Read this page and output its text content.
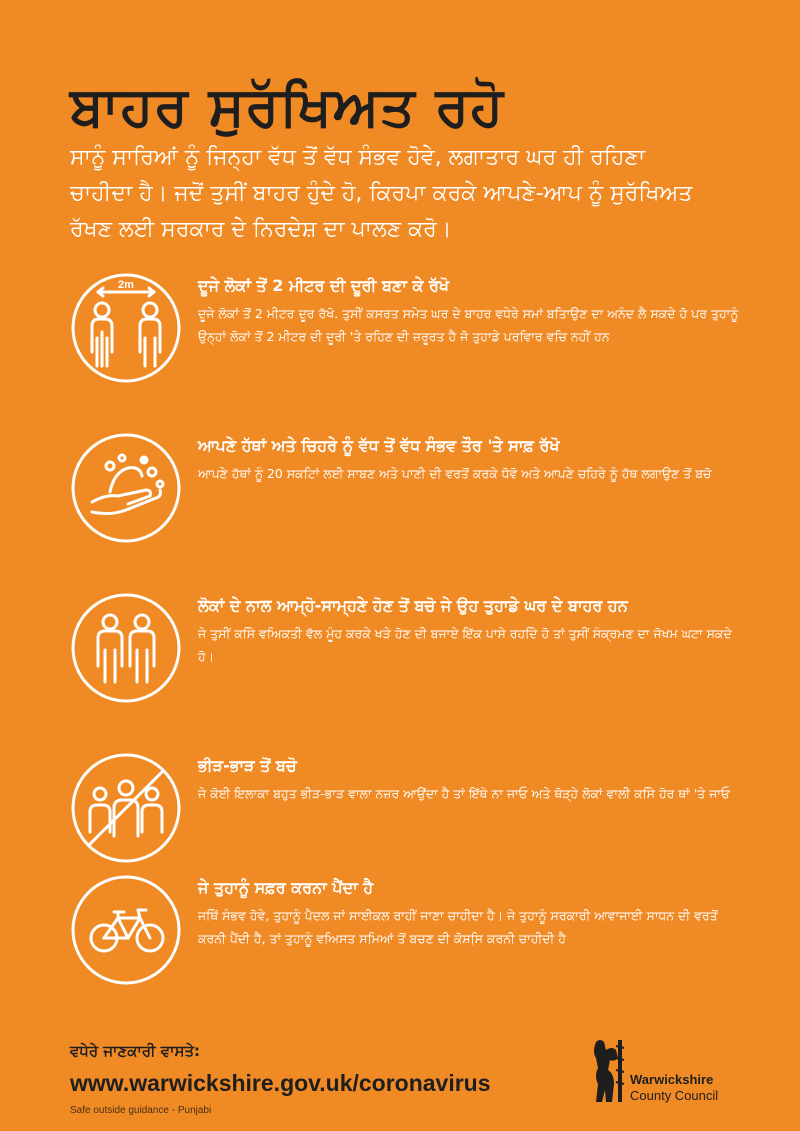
ਬਾਹਰ ਸੁਰੱਖਿਅਤ ਰਹੋ
ਸਾਨੂੰ ਸਾਰਿਆਂ ਨੂੰ ਜਿਨ੍ਹਾ ਵੱਧ ਤੋਂ ਵੱਧ ਸੰਭਵ ਹੋਵੇ, ਲਗਾਤਾਰ ਘਰ ਹੀ ਰਹਿਣਾ ਚਾਹੀਦਾ ਹੈ। ਜਦੋਂ ਤੁਸੀਂ ਬਾਹਰ ਹੁੰਦੇ ਹੋ, ਕਿਰਪਾ ਕਰਕੇ ਆਪਣੇ-ਆਪ ਨੂੰ ਸੁਰੱਖਿਅਤ ਰੱਖਣ ਲਈ ਸਰਕਾਰ ਦੇ ਨਿਰਦੇਸ਼ ਦਾ ਪਾਲਣ ਕਰੋ।
2m	ਦੂਜੇ ਲੋਕਾਂ ਤੋਂ 2 ਮੀਟਰ ਦੀ ਦੂਰੀ ਬਣਾ ਕੇ ਰੱਖੋ
ਦੂਜੇ ਲੋਕਾਂ ਤੋਂ 2 ਮੀਟਰ ਦੂਰ ਰੱਖੋ. ਤੁਸੀਂ ਕਸਰਤ ਸਮੇਤ ਘਰ ਦੇ ਬਾਹਰ ਵਧੇਰੇ ਸਮਾਂ ਬਤਿਾਉਣ ਦਾ ਅਨੰਦ ਲੈ ਸਕਦੇ ਹੋ ਪਰ ਤੁਹਾਨੂੰ ਉਨ੍ਹਾਂ ਲੋਕਾਂ ਤੋਂ 2 ਮੀਟਰ ਦੀ ਦੂਰੀ 'ਤੇ ਰਹਿਣ ਦੀ ਜ਼ਰੂਰਤ ਹੈ ਜੋ ਤੁਹਾਡੇ ਪਰਵਿਾਰ ਵਚਿ ਨਹੀਂ ਹਨ
ਆਪਣੇ ਹੱਥਾਂ ਅਤੇ ਚਿਹਰੇ ਨੂੰ ਵੱਧ ਤੋਂ ਵੱਧ ਸੰਭਵ ਤੌਰ 'ਤੇ ਸਾਫ਼ ਰੱਖੋ
ਆਪਣੇ ਹੱਥਾਂ ਨੂੰ 20 ਸਕਟਿਾਂ ਲਈ ਸਾਬਣ ਅਤੇ ਪਾਣੀ ਦੀ ਵਰਤੋਂ ਕਰਕੇ ਧੋਵੋ ਅਤੇ ਆਪਣੇ ਚਹਿਰੇ ਨੂੰ ਹੱਥ ਲਗਾਉਣ ਤੋਂ ਬਚੋ
ਲੋਕਾਂ ਦੇ ਨਾਲ ਆਮ੍ਹੋ-ਸਾਮ੍ਹਣੇ ਹੋਣ ਤੋਂ ਬਚੋ ਜੇ ਉਹ ਤੁਹਾਡੇ ਘਰ ਦੇ ਬਾਹਰ ਹਨ
ਜੇ ਤੁਸੀਂ ਕਸਿੇ ਵਅਿਕਤੀ ਵੱਲ ਮੂੰਹ ਕਰਕੇ ਖੜੇ ਹੋਣ ਦੀ ਬਜਾਏ ਇੱਕ ਪਾਸੇ ਰਹਦਿੇ ਹੋ ਤਾਂ ਤੁਸੀਂ ਸੰਕ੍ਰਮਣ ਦਾ ਜੋਖਮ ਘਟਾ ਸਕਦੇ ਹੋ।
ਭੀੜ-ਭਾੜ ਤੋਂ ਬਚੋ
ਜੇ ਕੋਈ ਇਲਾਕਾ ਬਹੁਤ ਭੀੜ-ਭਾੜ ਵਾਲਾ ਨਜ਼ਰ ਆਉਂਦਾ ਹੈ ਤਾਂ ਇੱਥੇ ਨਾ ਜਾਓ ਅਤੇ ਥੋੜ੍ਹੇ ਲੋਕਾਂ ਵਾਲੀ ਕਸਿੇ ਹੋਰ ਥਾਂ 'ਤੇ ਜਾਓ
ਜੇ ਤੁਹਾਨੂੰ ਸਫ਼ਰ ਕਰਨਾ ਪੈਂਦਾ ਹੈ
ਜਥਿੇਂ ਸੰਭਵ ਹੋਵੇ, ਤੁਹਾਨੂੰ ਪੈਦਲ ਜਾਂ ਸਾਈਕਲ ਰਾਹੀਂ ਜਾਣਾ ਚਾਹੀਦਾ ਹੈ। ਜੇ ਤੁਹਾਨੂੰ ਸਰਕਾਰੀ ਆਵਾਜਾਈ ਸਾਧਨ ਦੀ ਵਰਤੋਂ ਕਰਨੀ ਪੈਂਦੀ ਹੈ, ਤਾਂ ਤੁਹਾਨੂੰ ਵਅਿਸਤ ਸਮਿਆਂ ਤੋਂ ਬਚਣ ਦੀ ਕੋਸ਼ਸਿ਼ ਕਰਨੀ ਚਾਹੀਦੀ ਹੈ
ਵਧੇਰੇ ਜਾਣਕਾਰੀ ਵਾਸਤੇ:
www.warwickshire.gov.uk/coronavirus
Safe outside guidance - Punjabi
Warwickshire
County Council
